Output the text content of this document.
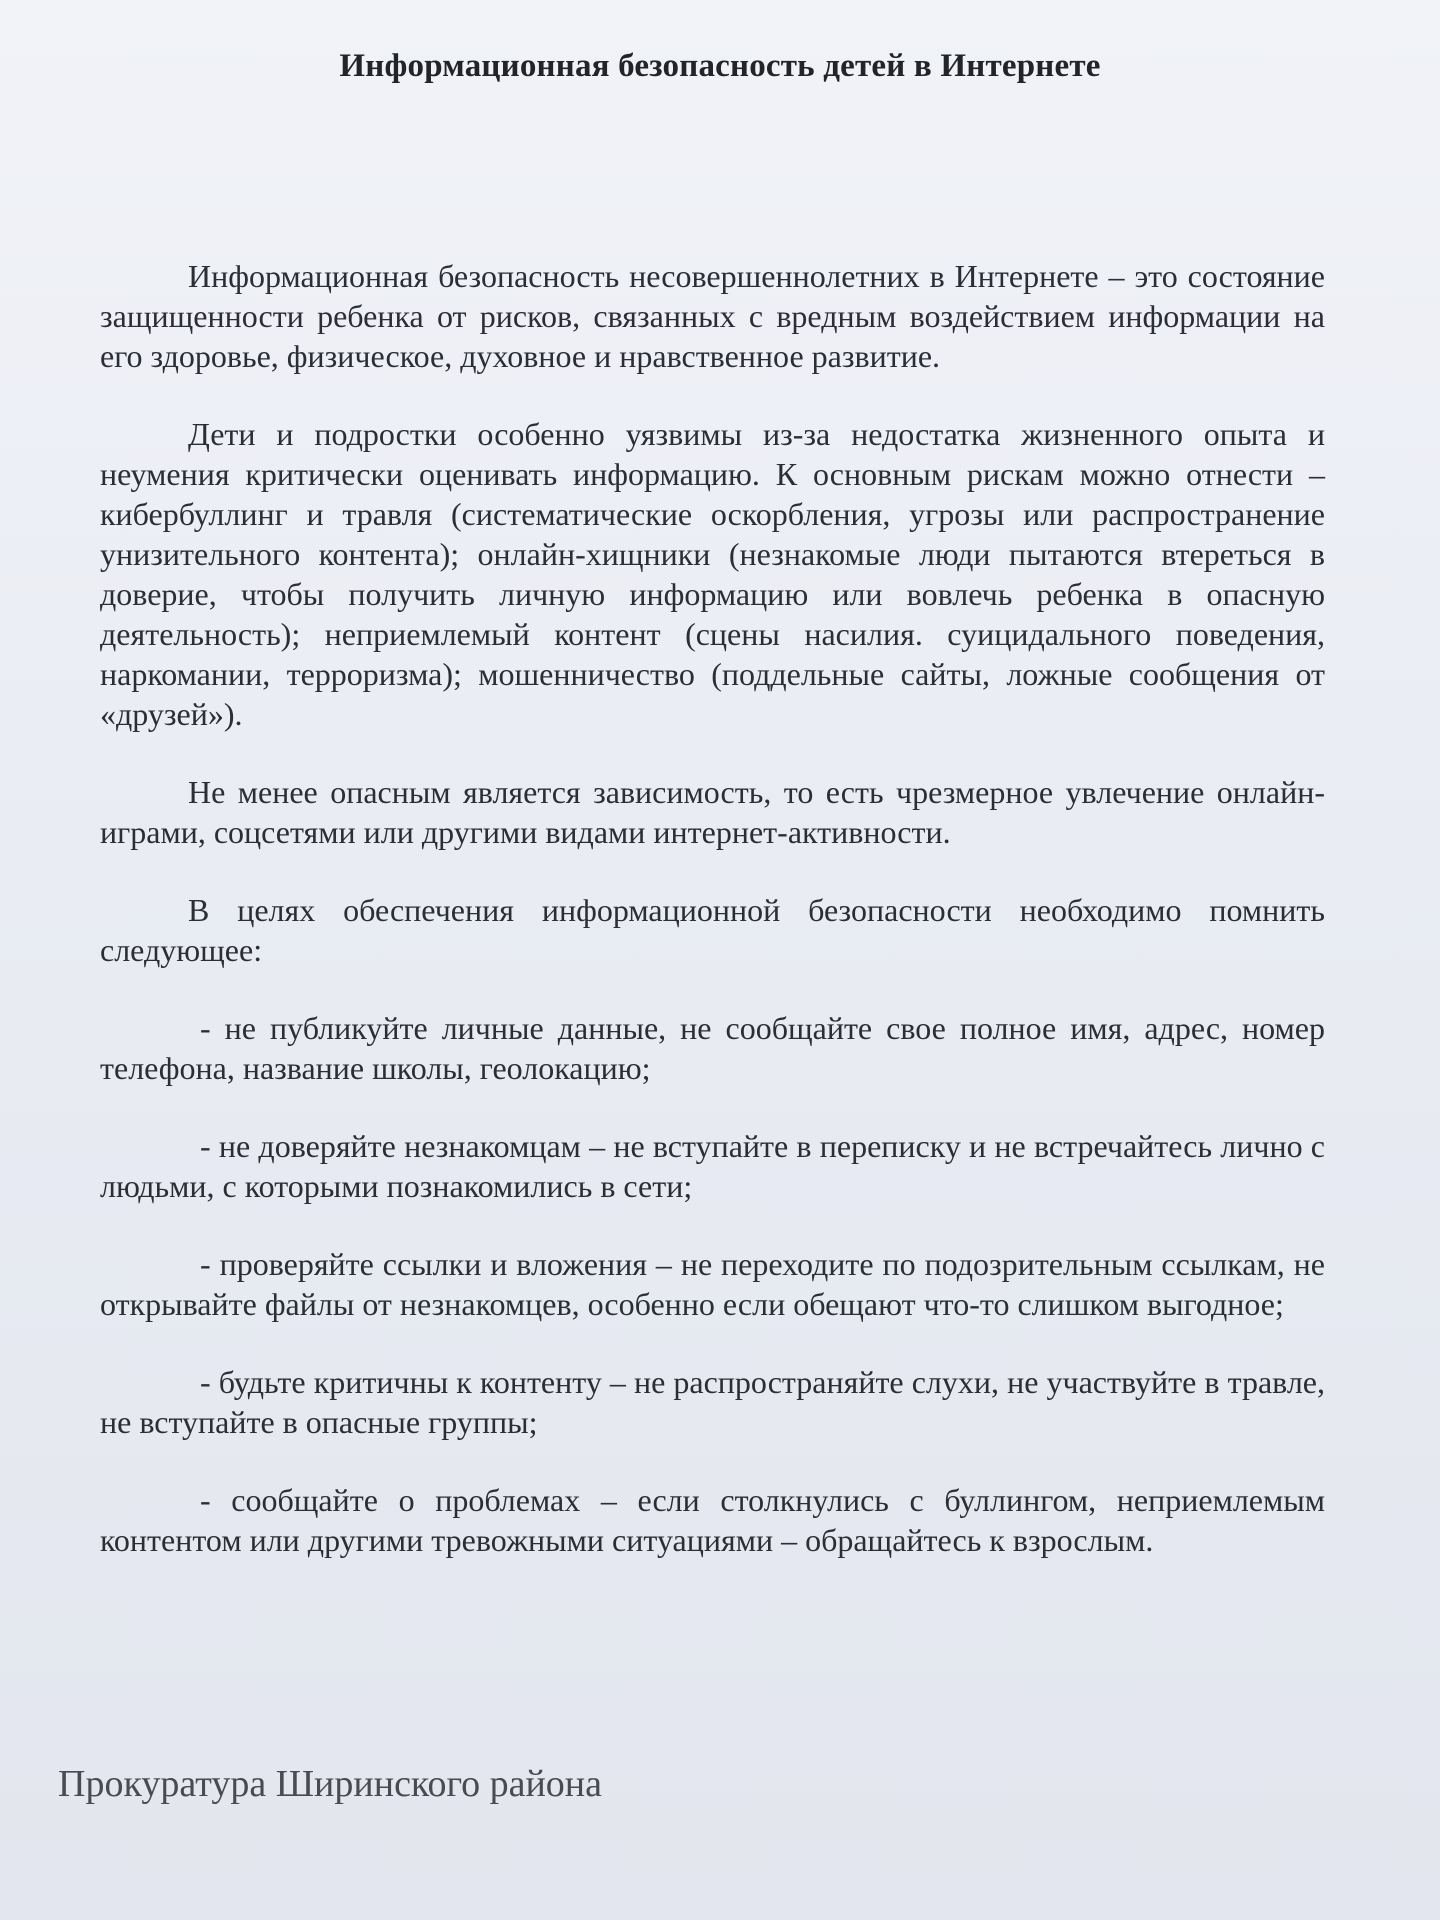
Информационная безопасность детей в Интернете

Информационная безопасность несовершеннолетних в Интернете – это состояние защищенности ребенка от рисков, связанных с вредным воздействием информации на его здоровье, физическое, духовное и нравственное развитие.

Дети и подростки особенно уязвимы из-за недостатка жизненного опыта и неумения критически оценивать информацию. К основным рискам можно отнести – кибербуллинг и травля (систематические оскорбления, угрозы или распространение унизительного контента); онлайн-хищники (незнакомые люди пытаются втереться в доверие, чтобы получить личную информацию или вовлечь ребенка в опасную деятельность); неприемлемый контент (сцены насилия. суицидального поведения, наркомании, терроризма); мошенничество (поддельные сайты, ложные сообщения от «друзей»).

Не менее опасным является зависимость, то есть чрезмерное увлечение онлайн-играми, соцсетями или другими видами интернет-активности.

В целях обеспечения информационной безопасности необходимо помнить следующее:

- не публикуйте личные данные, не сообщайте свое полное имя, адрес, номер телефона, название школы, геолокацию;

- не доверяйте незнакомцам – не вступайте в переписку и не встречайтесь лично с людьми, с которыми познакомились в сети;

- проверяйте ссылки и вложения – не переходите по подозрительным ссылкам, не открывайте файлы от незнакомцев, особенно если обещают что-то слишком выгодное;

- будьте критичны к контенту – не распространяйте слухи, не участвуйте в травле, не вступайте в опасные группы;

- сообщайте о проблемах – если столкнулись с буллингом, неприемлемым контентом или другими тревожными ситуациями – обращайтесь к взрослым.

Прокуратура Ширинского района
